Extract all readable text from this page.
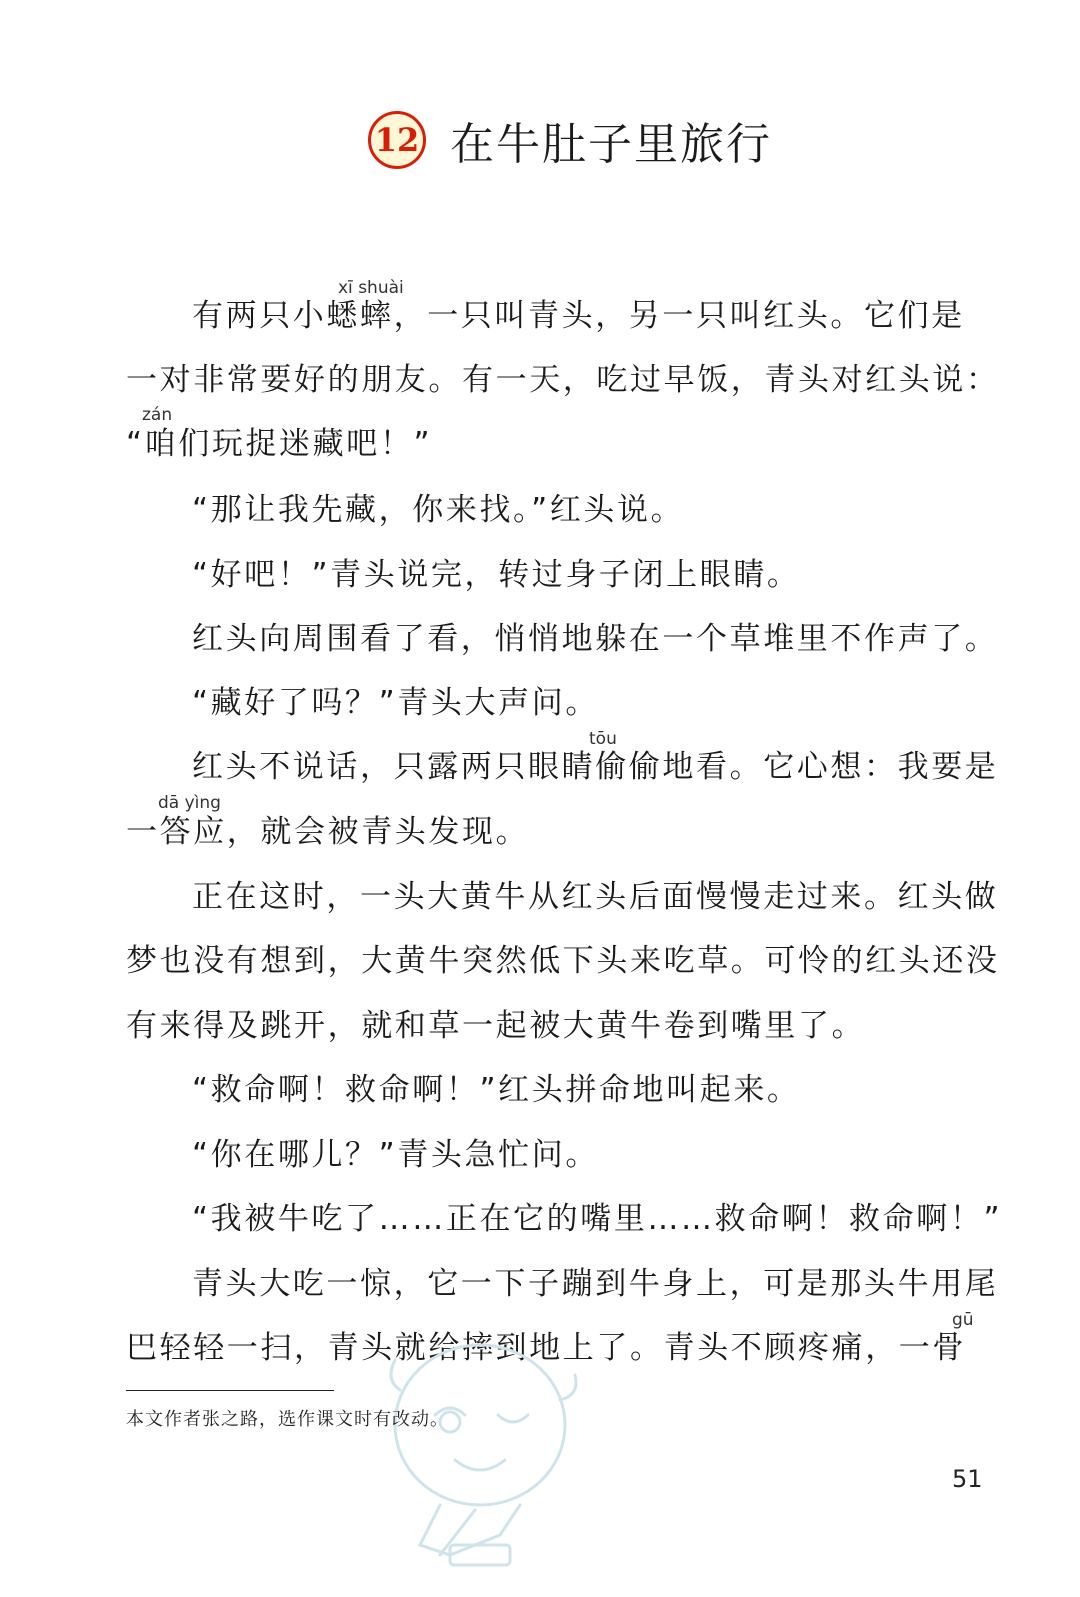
12 在牛肚子里旅行
xī shuài
zán
tōu
dā yìng
gū
有两只小蟋蟀，一只叫青头，另一只叫红头。它们是
一对非常要好的朋友。有一天，吃过早饭，青头对红头说：
“咱们玩捉迷藏吧！”
“那让我先藏，你来找。”红头说。
“好吧！”青头说完，转过身子闭上眼睛。
红头向周围看了看，悄悄地躲在一个草堆里不作声了。
“藏好了吗？”青头大声问。
红头不说话，只露两只眼睛偷偷地看。它心想：我要是
一答应，就会被青头发现。
正在这时，一头大黄牛从红头后面慢慢走过来。红头做
梦也没有想到，大黄牛突然低下头来吃草。可怜的红头还没
有来得及跳开，就和草一起被大黄牛卷到嘴里了。
“救命啊！救命啊！”红头拼命地叫起来。
“你在哪儿？”青头急忙问。
“我被牛吃了……正在它的嘴里……救命啊！救命啊！”
青头大吃一惊，它一下子蹦到牛身上，可是那头牛用尾
巴轻轻一扫，青头就给摔到地上了。青头不顾疼痛，一骨
本文作者张之路，选作课文时有改动。
51
